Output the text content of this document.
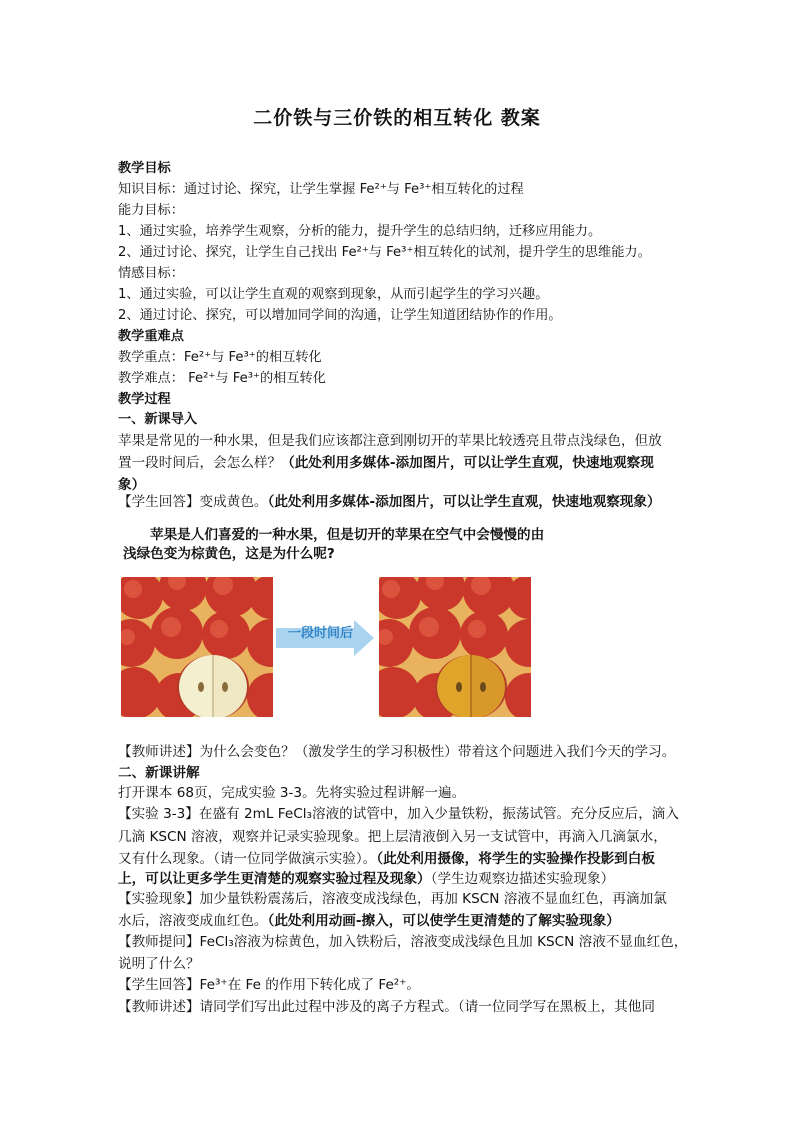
二价铁与三价铁的相互转化 教案
教学目标
知识目标：通过讨论、探究，让学生掌握 Fe²⁺与 Fe³⁺相互转化的过程
能力目标：
1、通过实验，培养学生观察，分析的能力，提升学生的总结归纳，迁移应用能力。
2、通过讨论、探究，让学生自己找出 Fe²⁺与 Fe³⁺相互转化的试剂，提升学生的思维能力。
情感目标：
1、通过实验，可以让学生直观的观察到现象，从而引起学生的学习兴趣。
2、通过讨论、探究，可以增加同学间的沟通，让学生知道团结协作的作用。
教学重难点
教学重点：Fe²⁺与 Fe³⁺的相互转化
教学难点： Fe²⁺与 Fe³⁺的相互转化
教学过程
一、新课导入
苹果是常见的一种水果，但是我们应该都注意到刚切开的苹果比较透亮且带点浅绿色，但放
置一段时间后，会怎么样？（此处利用多媒体-添加图片，可以让学生直观，快速地观察现
象）
【学生回答】变成黄色。（此处利用多媒体-添加图片，可以让学生直观，快速地观察现象）
苹果是人们喜爱的一种水果，但是切开的苹果在空气中会慢慢的由
浅绿色变为棕黄色，这是为什么呢?
一段时间后
【教师讲述】为什么会变色？（激发学生的学习积极性）带着这个问题进入我们今天的学习。
二、新课讲解
打开课本 68页，完成实验 3-3。先将实验过程讲解一遍。
【实验 3-3】在盛有 2mL FeCl₃溶液的试管中，加入少量铁粉，振荡试管。充分反应后，滴入
几滴 KSCN 溶液，观察并记录实验现象。把上层清液倒入另一支试管中，再滴入几滴氯水，
又有什么现象。（请一位同学做演示实验）。（此处利用摄像，将学生的实验操作投影到白板
上，可以让更多学生更清楚的观察实验过程及现象）（学生边观察边描述实验现象）
【实验现象】加少量铁粉震荡后，溶液变成浅绿色，再加 KSCN 溶液不显血红色，再滴加氯
水后，溶液变成血红色。（此处利用动画-擦入，可以使学生更清楚的了解实验现象）
【教师提问】FeCl₃溶液为棕黄色，加入铁粉后，溶液变成浅绿色且加 KSCN 溶液不显血红色，
说明了什么？
【学生回答】Fe³⁺在 Fe 的作用下转化成了 Fe²⁺。
【教师讲述】请同学们写出此过程中涉及的离子方程式。（请一位同学写在黑板上，其他同
